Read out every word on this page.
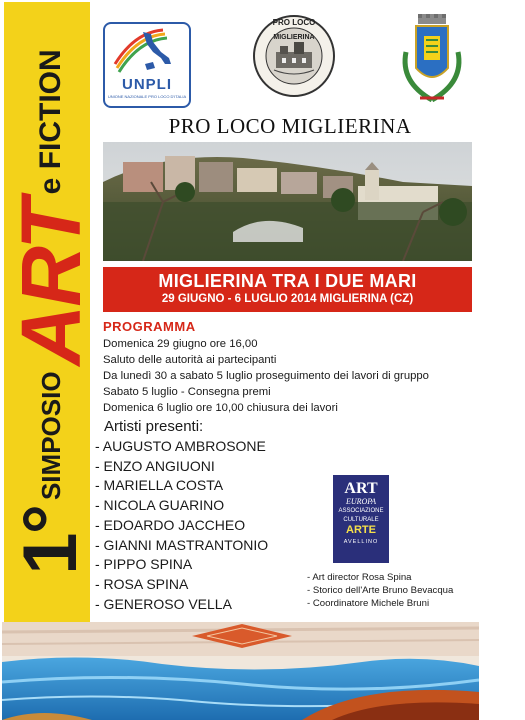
1°
SIMPOSIO
ART
e FICTION	UNPLI
UNIONE NAZIONALE PRO LOCO D'ITALIA
PRO LOCO
MIGLIERINA
PRO LOCO MIGLIERINA
MIGLIERINA TRA I DUE MARI
29 GIUGNO - 6 LUGLIO 2014 MIGLIERINA (CZ)
PROGRAMMA
Domenica 29 giugno ore 16,00
Saluto delle autorità ai partecipanti
Da lunedì 30 a sabato 5 luglio proseguimento dei lavori di gruppo
Sabato 5 luglio - Consegna premi
Domenica 6 luglio ore 10,00 chiusura dei lavori
Artisti presenti:
- AUGUSTO AMBROSONE
- ENZO ANGIUONI
- MARIELLA COSTA
- NICOLA GUARINO
- EDOARDO JACCHEO
- GIANNI MASTRANTONIO
- PIPPO SPINA
- ROSA SPINA
- GENEROSO VELLA
ART
EUROPA
ASSOCIAZIONE
CULTURALE
ARTE
AVELLINO
- Art director Rosa Spina
- Storico dell'Arte Bruno Bevacqua
- Coordinatore Michele Bruni
